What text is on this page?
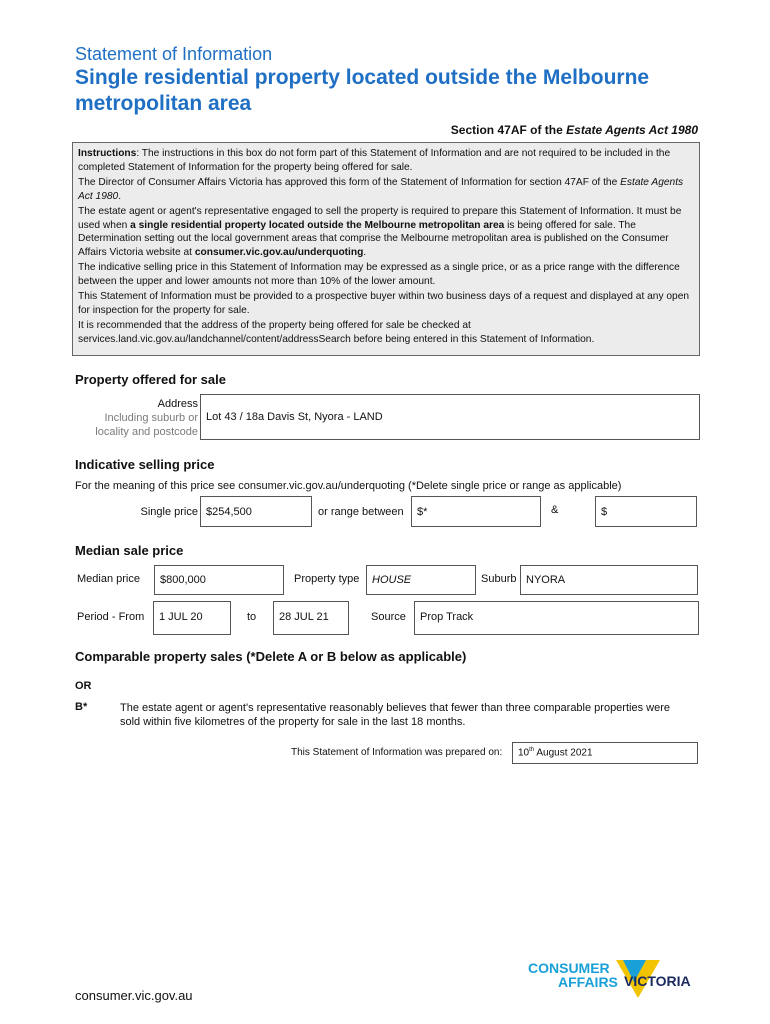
Statement of Information
Single residential property located outside the Melbourne metropolitan area
Section 47AF of the Estate Agents Act 1980

Instructions: The instructions in this box do not form part of this Statement of Information and are not required to be included in the completed Statement of Information for the property being offered for sale.

The Director of Consumer Affairs Victoria has approved this form of the Statement of Information for section 47AF of the Estate Agents Act 1980.

The estate agent or agent's representative engaged to sell the property is required to prepare this Statement of Information. It must be used when a single residential property located outside the Melbourne metropolitan area is being offered for sale. The Determination setting out the local government areas that comprise the Melbourne metropolitan area is published on the Consumer Affairs Victoria website at consumer.vic.gov.au/underquoting.

The indicative selling price in this Statement of Information may be expressed as a single price, or as a price range with the difference between the upper and lower amounts not more than 10% of the lower amount.

This Statement of Information must be provided to a prospective buyer within two business days of a request and displayed at any open for inspection for the property for sale.

It is recommended that the address of the property being offered for sale be checked at services.land.vic.gov.au/landchannel/content/addressSearch before being entered in this Statement of Information.

Property offered for sale
Address
Including suburb or
locality and postcode
Lot 43 / 18a Davis St, Nyora - LAND
Indicative selling price
For the meaning of this price see consumer.vic.gov.au/underquoting (*Delete single price or range as applicable)
Single price $254,500	or range between	$*	&	$
Median sale price
Median price	$800,000	Property type	HOUSE	Suburb NYORA
Period - From	1 JUL 20	to	28 JUL 21	Source	Prop Track
Comparable property sales (*Delete A or B below as applicable)
OR
B*	The estate agent or agent's representative reasonably believes that fewer than three comparable properties were sold within five kilometres of the property for sale in the last 18 months.
This Statement of Information was prepared on:	10th August 2021
CONSUMER
AFFAIRS VICTORIA
consumer.vic.gov.au
